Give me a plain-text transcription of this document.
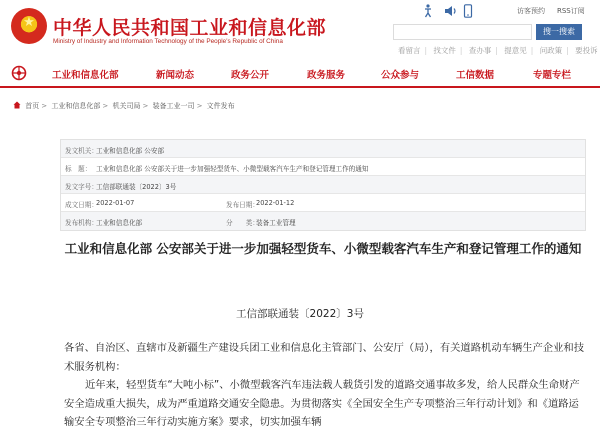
★
中华人民共和国工业和信息化部
Ministry of Industry and Information Technology of the People's Republic of China
访客预约 RSS订阅
搜一搜索
看留言 | 找文件 | 查办事 | 提意见 | 问政策 | 要投诉
工业和信息化部	新闻动态	政务公开	政务服务	公众参与	工信数据	专题专栏
首页 > 工业和信息化部 > 机关司局 > 装备工业一司 > 文件发布
发文机关：
工业和信息化部 公安部
标　题： 工业和信息化部 公安部关于进一步加强轻型货车、小微型载客汽车生产和登记管理工作的通知
发文字号：
工信部联通装〔2022〕3号
成文日期：
2022-01-07	发布日期：
2022-01-12
发布机构：
工业和信息化部	分　　类：
装备工业管理
工业和信息化部 公安部关于进一步加强轻型货车、小微型载客汽车生产和登记管理工作的通知
工信部联通装〔2022〕3号
各省、自治区、直辖市及新疆生产建设兵团工业和信息化主管部门、公安厅（局），有关道路机动车辆生产企业和技术服务机构：
近年来，轻型货车“大吨小标”、小微型载客汽车违法载人载货引发的道路交通事故多发，给人民群众生命财产安全造成重大损失，成为严重道路交通安全隐患。为贯彻落实《全国安全生产专项整治三年行动计划》和《道路运输安全专项整治三年行动实施方案》要求，切实加强车辆
